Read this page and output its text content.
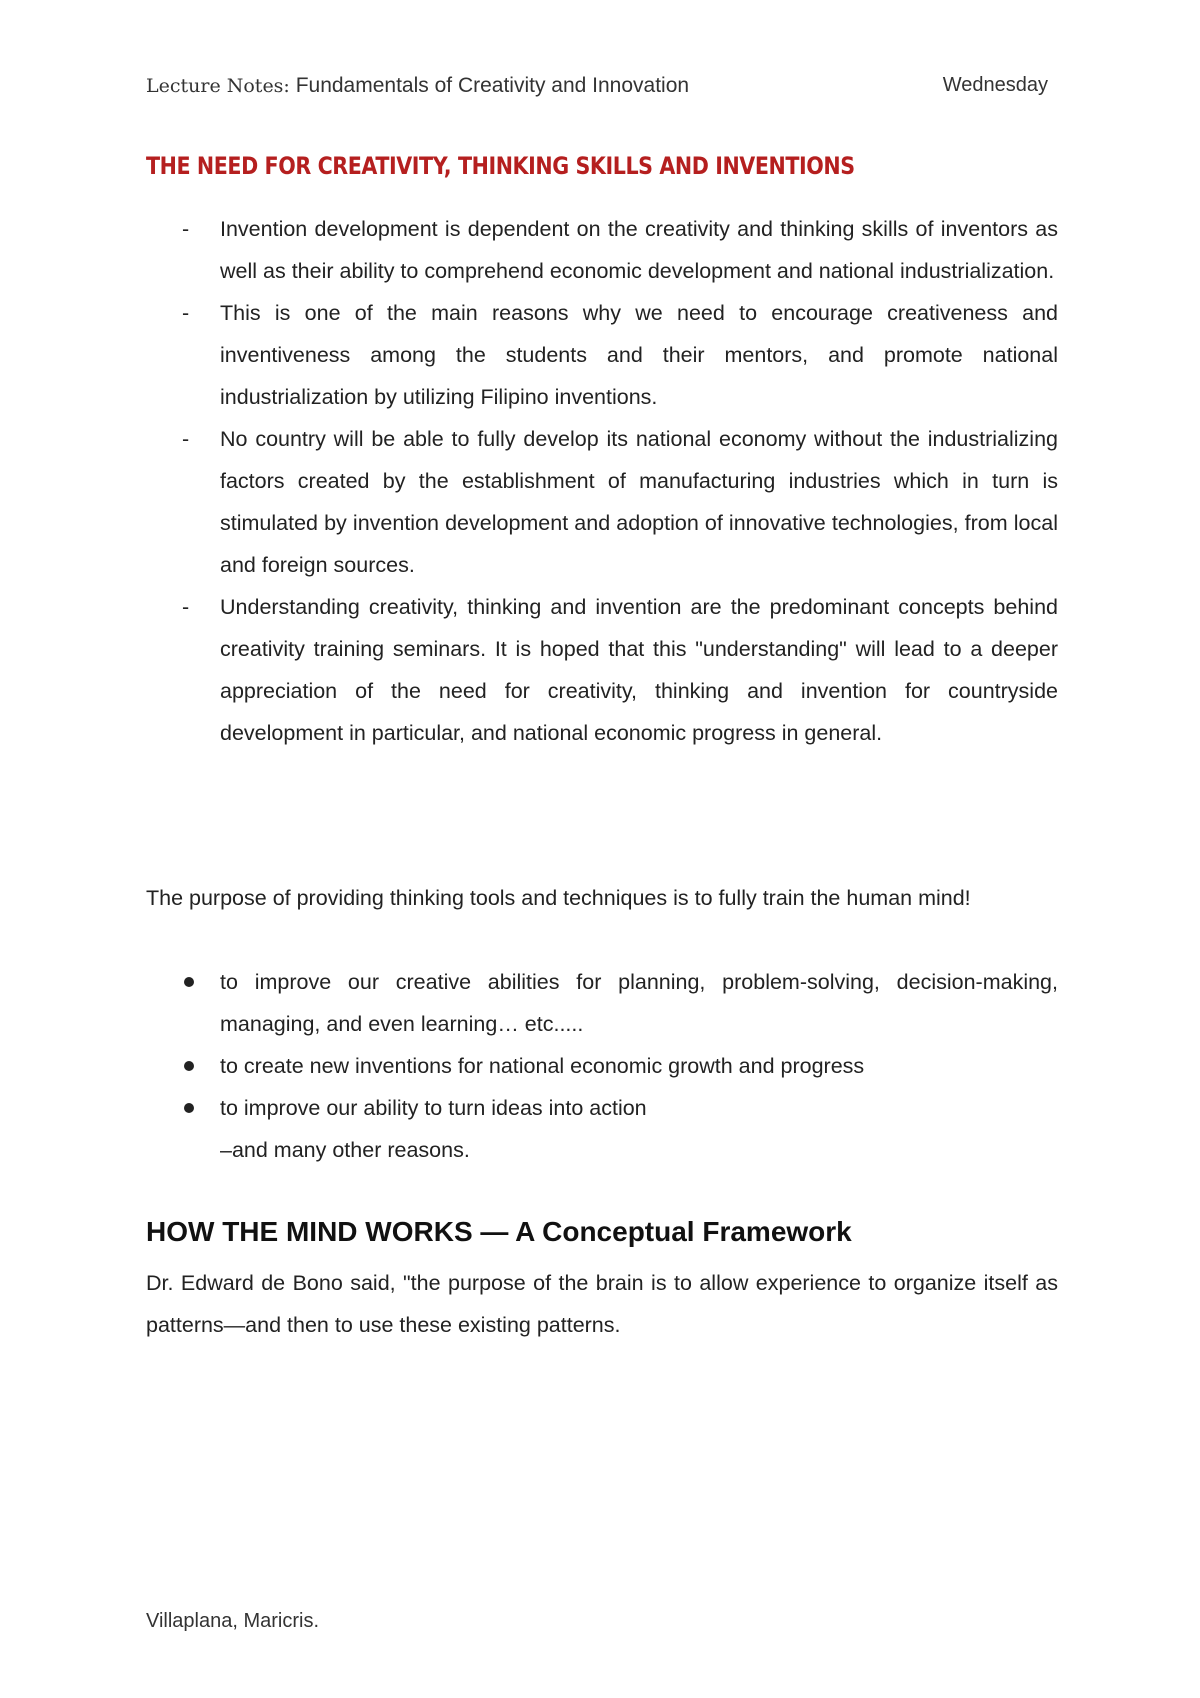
Lecture Notes: Fundamentals of Creativity and Innovation	Wednesday
THE NEED FOR CREATIVITY, THINKING SKILLS AND INVENTIONS
- Invention development is dependent on the creativity and thinking skills of inventors as well as their ability to comprehend economic development and national industrialization.
- This is one of the main reasons why we need to encourage creativeness and inventiveness among the students and their mentors, and promote national industrialization by utilizing Filipino inventions.
- No country will be able to fully develop its national economy without the industrializing factors created by the establishment of manufacturing industries which in turn is stimulated by invention development and adoption of innovative technologies, from local and foreign sources.
- Understanding creativity, thinking and invention are the predominant concepts behind creativity training seminars. It is hoped that this "understanding" will lead to a deeper appreciation of the need for creativity, thinking and invention for countryside development in particular, and national economic progress in general.

The purpose of providing thinking tools and techniques is to fully train the human mind!

to improve our creative abilities for planning, problem-solving, decision-making, managing, and even learning… etc.....
to create new inventions for national economic growth and progress
to improve our ability to turn ideas into action
–and many other reasons.
HOW THE MIND WORKS — A Conceptual Framework

Dr. Edward de Bono said, "the purpose of the brain is to allow experience to organize itself as patterns—and then to use these existing patterns.

Villaplana, Maricris.
